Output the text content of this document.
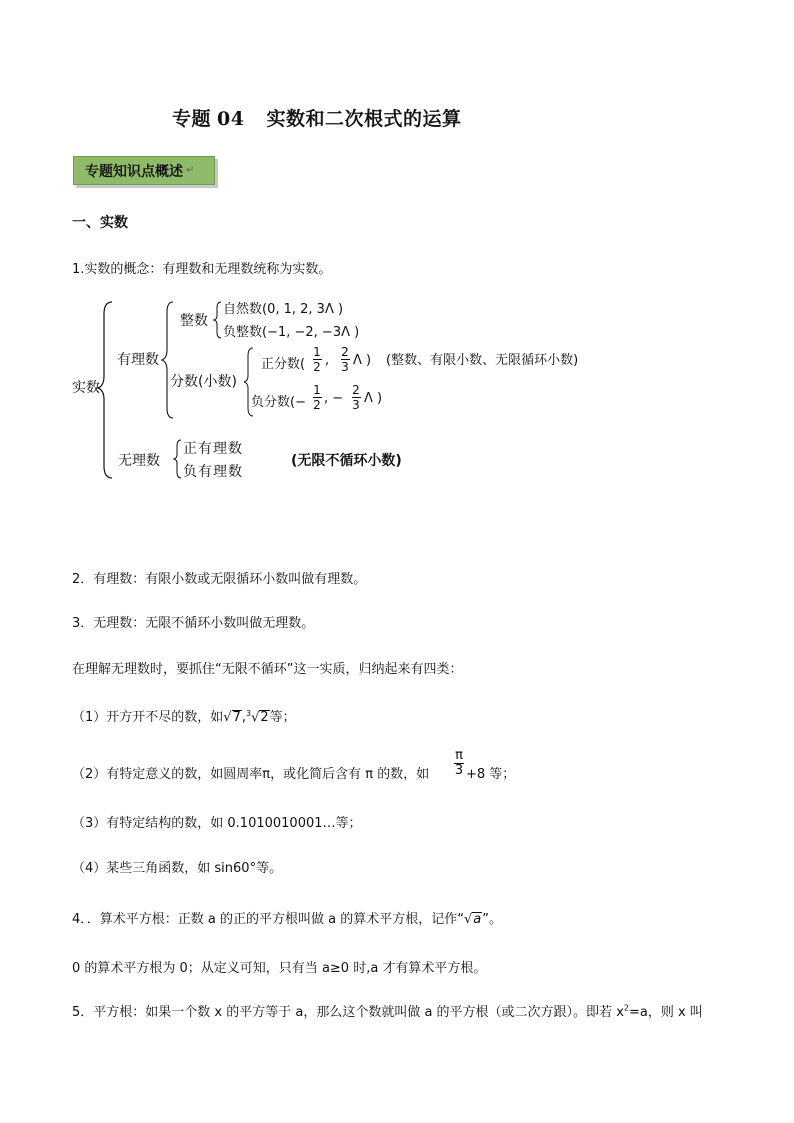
专题 04 实数和二次根式的运算
专题知识点概述 ↵
一、实数
1.实数的概念：有理数和无理数统称为实数。
实数
有理数
整数
自然数(0, 1, 2, 3Λ )
负整数(−1, −2, −3Λ )
分数(小数)
正分数(
1
2 ,
2
3 Λ ) (整数、有限小数、无限循环小数)
负分数(−
1
2 , −
2
3 Λ )
无理数
正有理数
负有理数
(无限不循环小数)
2．有理数：有限小数或无限循环小数叫做有理数。
3．无理数：无限不循环小数叫做无理数。
在理解无理数时，要抓住“无限不循环”这一实质，归纳起来有四类：
（1）开方开不尽的数，如√7,$^3$√2等；
（2）有特定意义的数，如圆周率π，或化简后含有 π 的数，如
π
3 +8 等；
（3）有特定结构的数，如 0.1010010001…等；
（4）某些三角函数，如 sin60°等。
4．．算术平方根：正数 a 的正的平方根叫做 a 的算术平方根，记作“√a”。
0 的算术平方根为 0；从定义可知，只有当 a≥0 时,a 才有算术平方根。
5．平方根：如果一个数 x 的平方等于 a，那么这个数就叫做 a 的平方根（或二次方跟）。即若 $x^2=a$，则 x 叫
